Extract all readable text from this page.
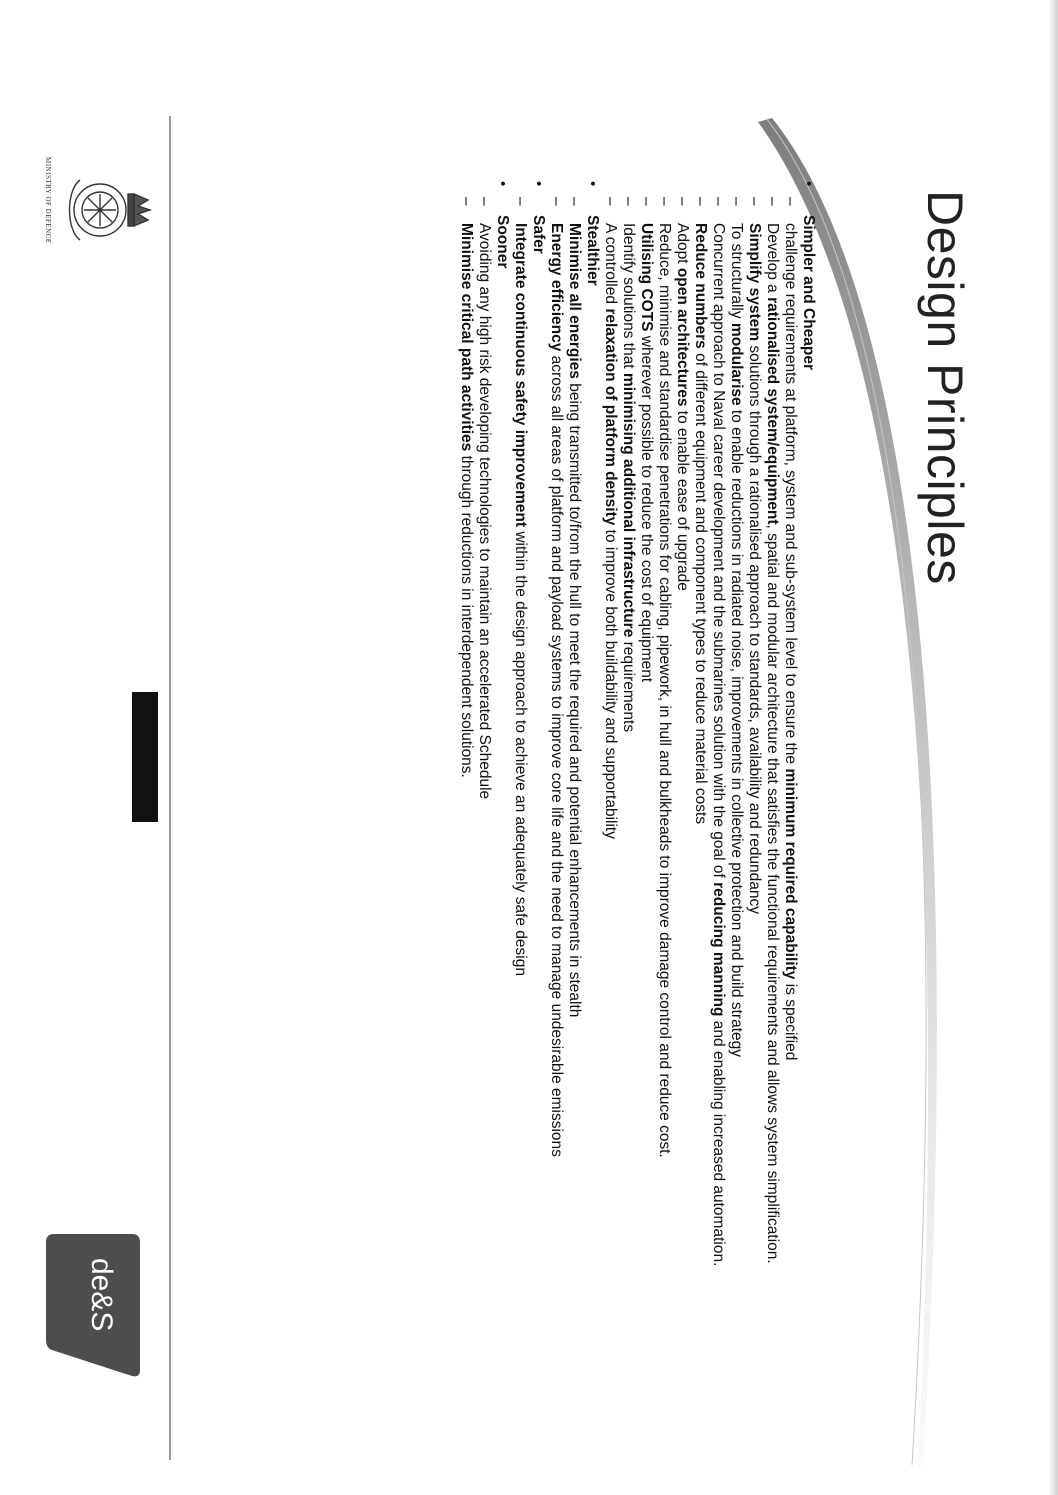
Design Principles
•
Simpler and Cheaper
–
challenge requirements at platform, system and sub-system level to ensure the minimum required capability is specified
–
Develop a rationalised system/equipment, spatial and modular architecture that satisfies the functional requirements and allows system simplification.
–
Simplify system solutions through a rationalised approach to standards, availability and redundancy
–
To structurally modularise to enable reductions in radiated noise, improvements in collective protection and build strategy
–
Concurrent approach to Naval career development and the submarines solution with the goal of reducing manning and enabling increased automation.
–
Reduce numbers of different equipment and component types to reduce material costs
–
Adopt open architectures to enable ease of upgrade
–
Reduce, minimise and standardise penetrations for cabling, pipework, in hull and bulkheads to improve damage control and reduce cost.
–
Utilising COTS wherever possible to reduce the cost of equipment
–
Identify solutions that minimising additional infrastructure requirements
–
A controlled relaxation of platform density to improve both buildability and supportability
•
Stealthier
–
Minimise all energies being transmitted to/from the hull to meet the required and potential enhancements in stealth
–
Energy efficiency across all areas of platform and payload systems to improve core life and the need to manage undesirable emissions
•
Safer
–
Integrate continuous safety improvement within the design approach to achieve an adequately safe design
•
Sooner
–
Avoiding any high risk developing technologies to maintain an accelerated Schedule
–
Minimise critical path activities through reductions in interdependent solutions.
MINISTRY OF DEFENCE
de&S
